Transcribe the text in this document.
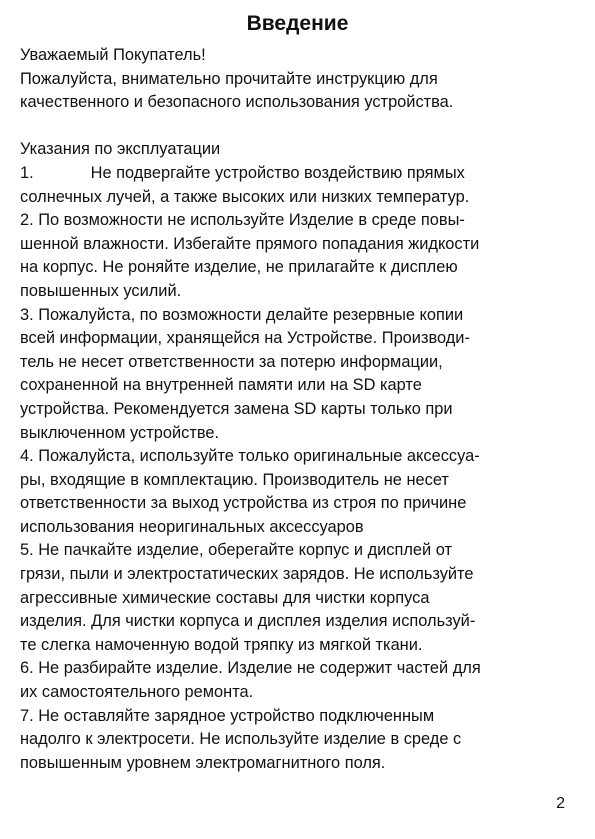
Введение
Уважаемый Покупатель!
Пожалуйста, внимательно прочитайте инструкцию для
качественного и безопасного использования устройства.
Указания по эксплуатации
1.	Не подвергайте устройство воздействию прямых
солнечных лучей, а также высоких или низких температур.
2. По возможности не используйте Изделие в среде повы-
шенной влажности. Избегайте прямого попадания жидкости
на корпус. Не роняйте изделие, не прилагайте к дисплею
повышенных усилий.
3. Пожалуйста, по возможности делайте резервные копии
всей информации, хранящейся на Устройстве. Производи-
тель не несет ответственности за потерю информации,
сохраненной на внутренней памяти или на SD карте
устройства. Рекомендуется замена SD карты только при
выключенном устройстве.
4. Пожалуйста, используйте только оригинальные аксессуа-
ры, входящие в комплектацию. Производитель не несет
ответственности за выход устройства из строя по причине
использования неоригинальных аксессуаров
5. Не пачкайте изделие, оберегайте корпус и дисплей от
грязи, пыли и электростатических зарядов. Не используйте
агрессивные химические составы для чистки корпуса
изделия. Для чистки корпуса и дисплея изделия используй-
те слегка намоченную водой тряпку из мягкой ткани.
6. Не разбирайте изделие. Изделие не содержит частей для
их самостоятельного ремонта.
7. Не оставляйте зарядное устройство подключенным
надолго к электросети. Не используйте изделие в среде с
повышенным уровнем электромагнитного поля.
2
